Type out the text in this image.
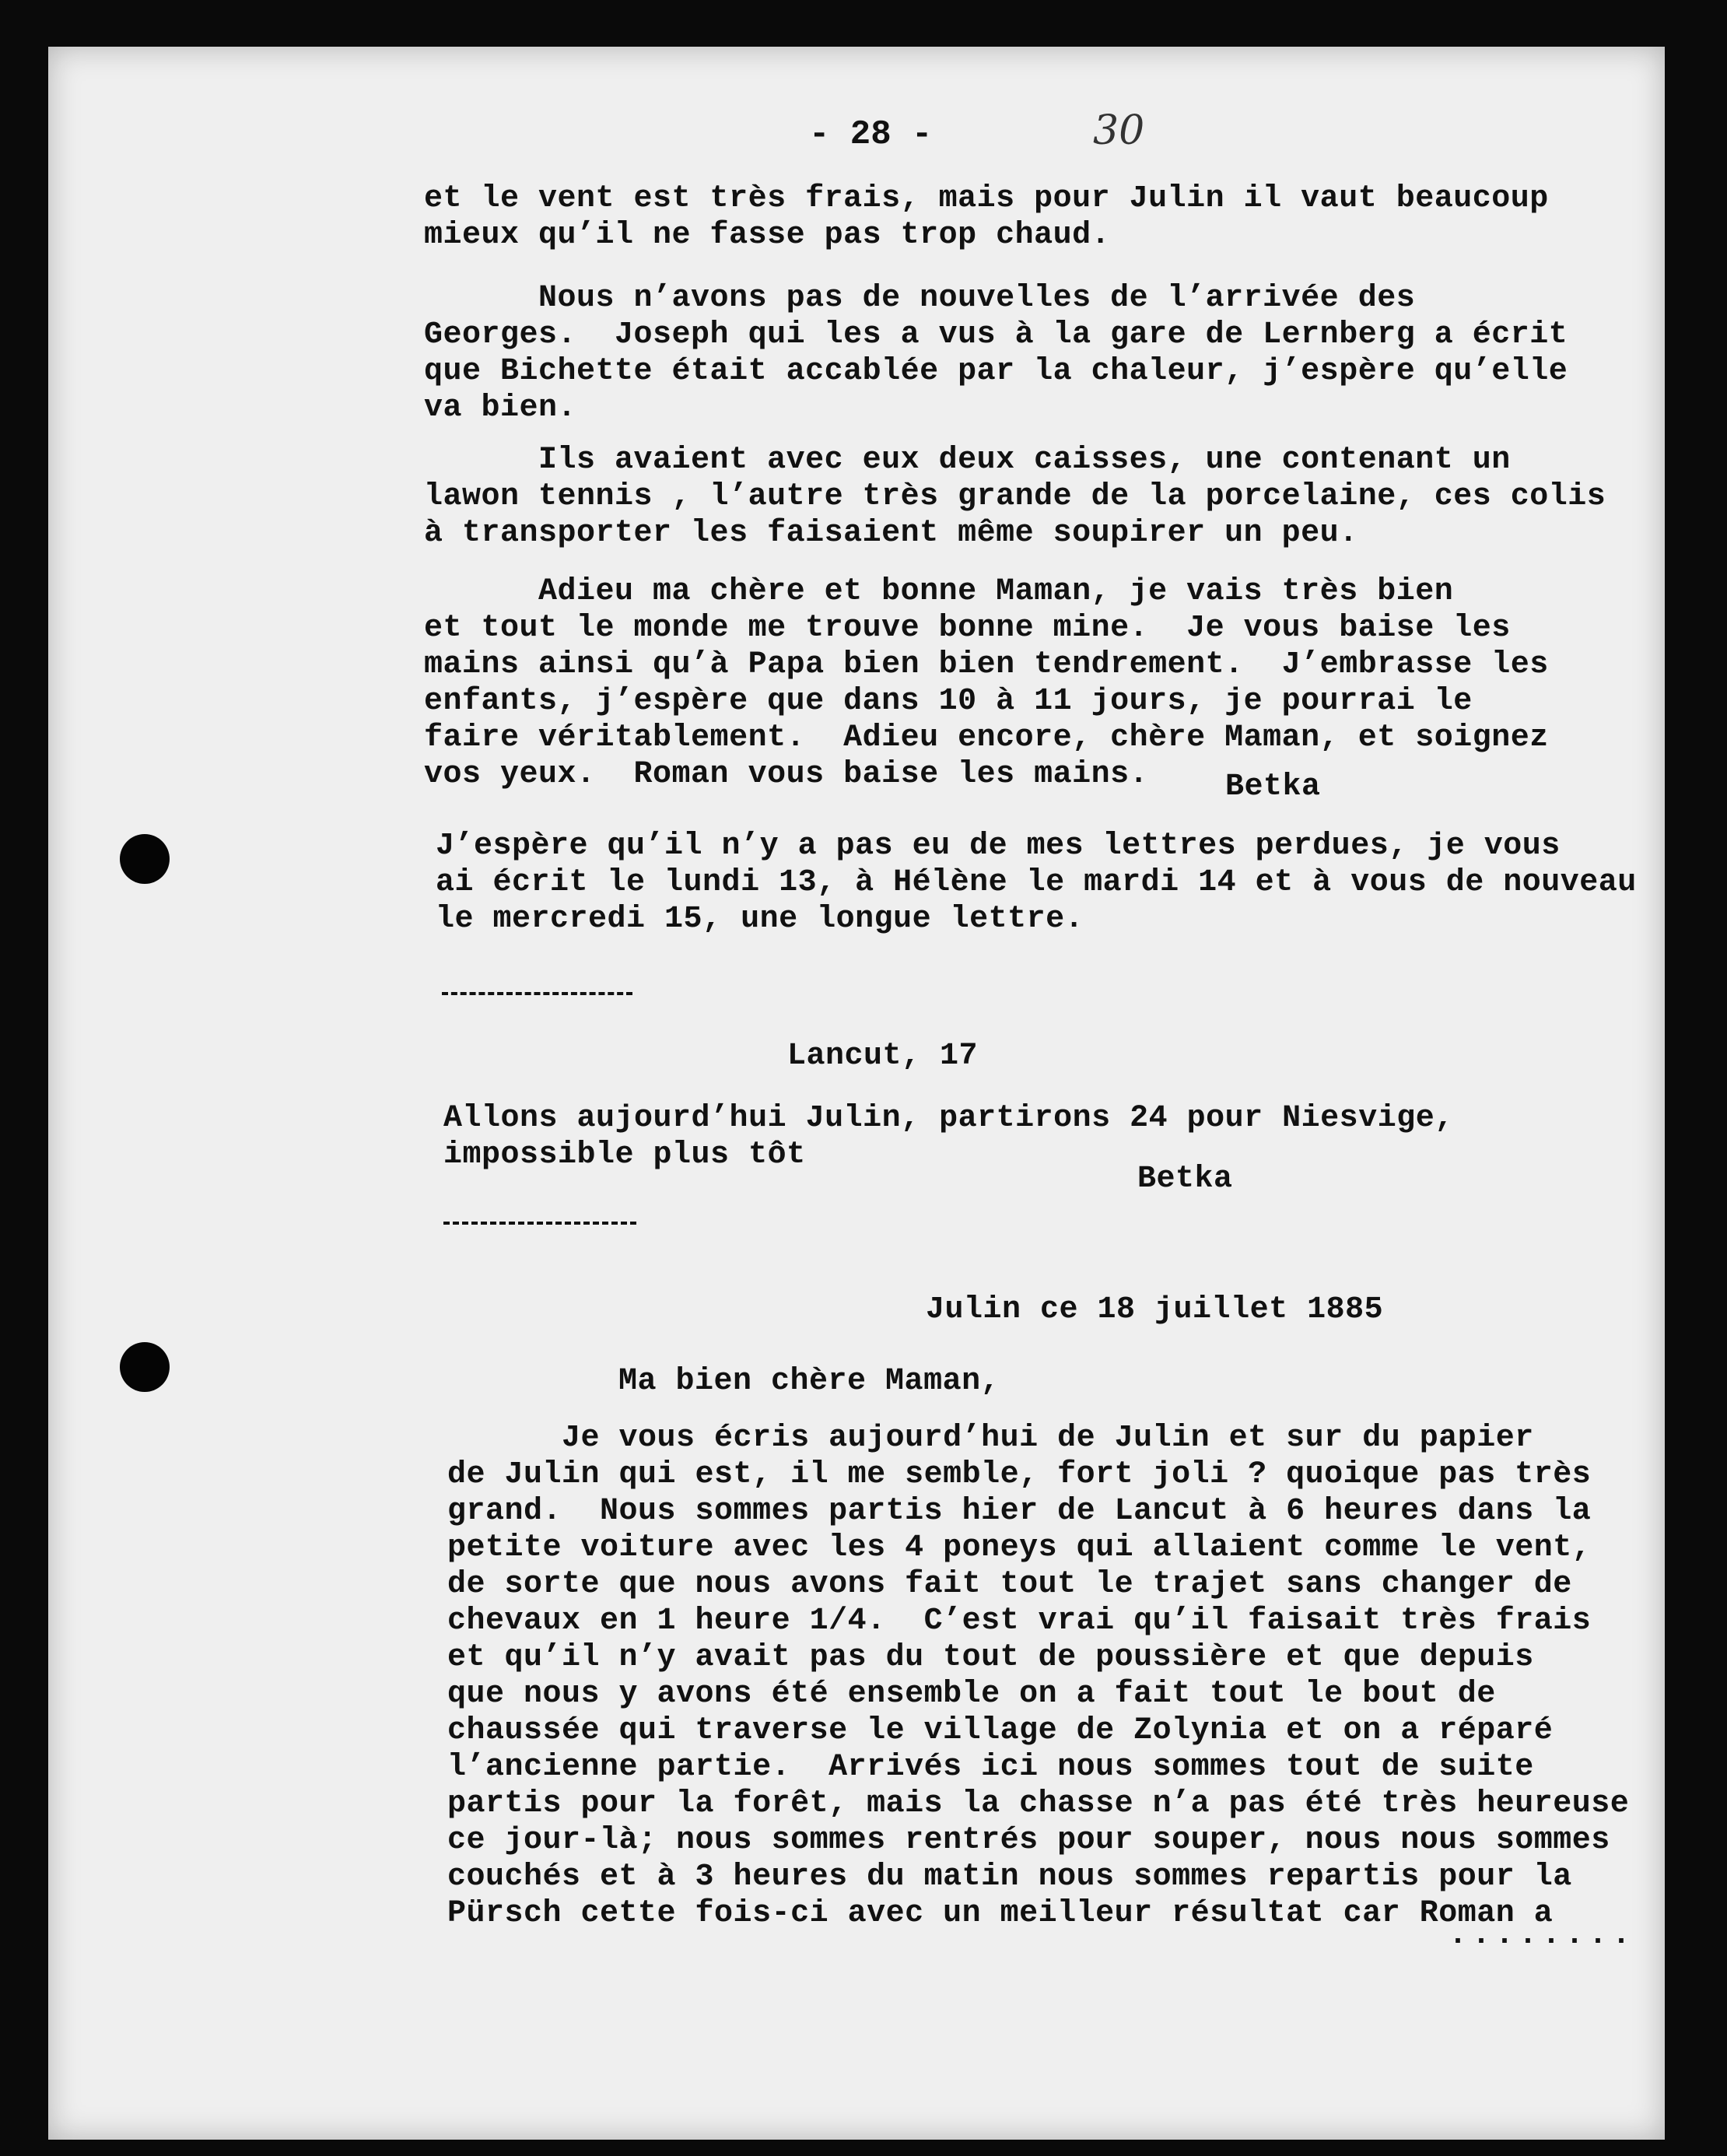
- 28 -	30

et le vent est très frais, mais pour Julin il vaut beaucoup
mieux qu’il ne fasse pas trop chaud.

Nous n’avons pas de nouvelles de l’arrivée des
Georges.  Joseph qui les a vus à la gare de Lernberg a écrit
que Bichette était accablée par la chaleur, j’espère qu’elle
va bien.

Ils avaient avec eux deux caisses, une contenant un
lawon tennis , l’autre très grande de la porcelaine, ces colis
à transporter les faisaient même soupirer un peu.

Adieu ma chère et bonne Maman, je vais très bien
et tout le monde me trouve bonne mine.  Je vous baise les
mains ainsi qu’à Papa bien bien tendrement.  J’embrasse les
enfants, j’espère que dans 10 à 11 jours, je pourrai le
faire véritablement.  Adieu encore, chère Maman, et soignez
vos yeux.  Roman vous baise les mains.	Betka

J’espère qu’il n’y a pas eu de mes lettres perdues, je vous
ai écrit le lundi 13, à Hélène le mardi 14 et à vous de nouveau
le mercredi 15, une longue lettre.

Lancut, 17

Allons aujourd’hui Julin, partirons 24 pour Niesvige,
impossible plus tôt

Betka

Julin ce 18 juillet 1885

Ma bien chère Maman,

Je vous écris aujourd’hui de Julin et sur du papier
de Julin qui est, il me semble, fort joli ? quoique pas très
grand.  Nous sommes partis hier de Lancut à 6 heures dans la
petite voiture avec les 4 poneys qui allaient comme le vent,
de sorte que nous avons fait tout le trajet sans changer de
chevaux en 1 heure 1/4.  C’est vrai qu’il faisait très frais
et qu’il n’y avait pas du tout de poussière et que depuis
que nous y avons été ensemble on a fait tout le bout de
chaussée qui traverse le village de Zolynia et on a réparé
l’ancienne partie.  Arrivés ici nous sommes tout de suite
partis pour la forêt, mais la chasse n’a pas été très heureuse
ce jour-là; nous sommes rentrés pour souper, nous nous sommes
couchés et à 3 heures du matin nous sommes repartis pour la
Pürsch cette fois-ci avec un meilleur résultat car Roman a

........
